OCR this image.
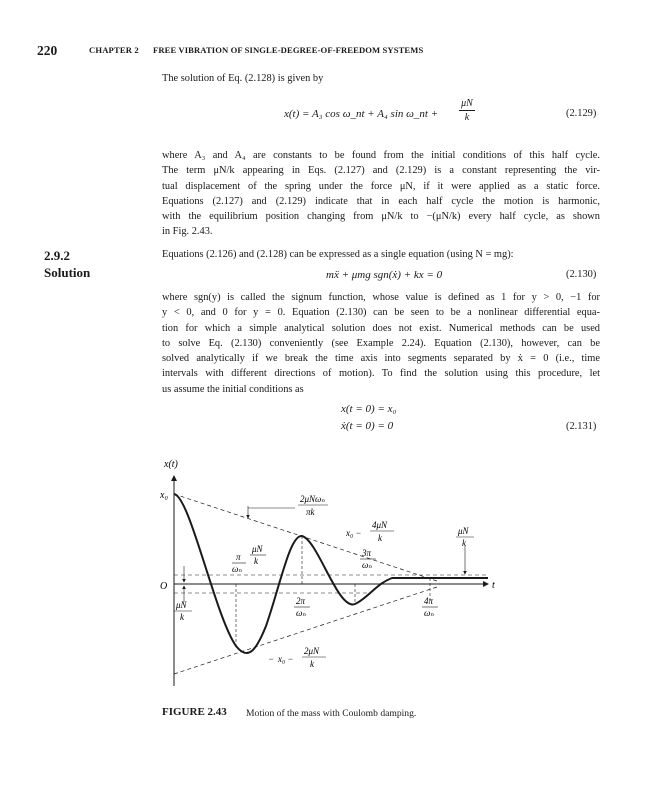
220	CHAPTER 2 FREE VIBRATION OF SINGLE-DEGREE-OF-FREEDOM SYSTEMS
The solution of Eq. (2.128) is given by
x(t) = A₃ cos ω_nt + A₄ sin ω_nt +
μN
k	(2.129)
where A₃ and A₄ are constants to be found from the initial conditions of this half cycle.
The term μN/k appearing in Eqs. (2.127) and (2.129) is a constant representing the vir-
tual displacement of the spring under the force μN, if it were applied as a static force.
Equations (2.127) and (2.129) indicate that in each half cycle the motion is harmonic,
with the equilibrium position changing from μN/k to −(μN/k) every half cycle, as shown
in Fig. 2.43.
2.9.2
Solution
Equations (2.126) and (2.128) can be expressed as a single equation (using N = mg):
mẍ + μmg sgn(ẋ) + kx = 0	(2.130)
where sgn(y) is called the signum function, whose value is defined as 1 for y > 0, −1 for
y < 0, and 0 for y = 0. Equation (2.130) can be seen to be a nonlinear differential equa-
tion for which a simple analytical solution does not exist. Numerical methods can be used
to solve Eq. (2.130) conveniently (see Example 2.24). Equation (2.130), however, can be
solved analytically if we break the time axis into segments separated by ẋ = 0 (i.e., time
intervals with different directions of motion). To find the solution using this procedure, let
us assume the initial conditions as
x(t = 0) = x₀
ẋ(t = 0) = 0	(2.131)
x(t)
t
O
x₀	2μNωₙ
πk
x₀ −
4μN
k
μN
k
μN
k
π
ωₙ
3π
ωₙ
μN
k
2π
ωₙ
4π
ωₙ
− x₀ −
2μN
k
FIGURE 2.43 Motion of the mass with Coulomb damping.
